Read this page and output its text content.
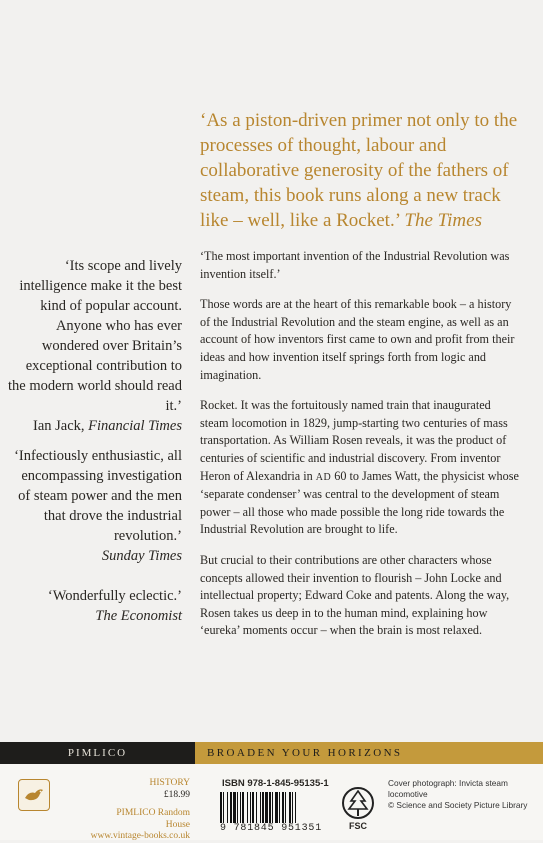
‘As a piston-driven primer not only to the processes of thought, labour and collaborative generosity of the fathers of steam, this book runs along a new track like – well, like a Rocket.’ The Times

‘Its scope and lively intelligence make it the best kind of popular account. Anyone who has ever wondered over Britain’s exceptional contribution to the modern world should read it.’
Ian Jack, Financial Times
‘Infectiously enthusiastic, all encompassing investigation of steam power and the men that drove the industrial revolution.’
Sunday Times
‘Wonderfully eclectic.’
The Economist

‘The most important invention of the Industrial Revolution was invention itself.’

Those words are at the heart of this remarkable book – a history of the Industrial Revolution and the steam engine, as well as an account of how inventors first came to own and profit from their ideas and how invention itself springs forth from logic and imagination.

Rocket. It was the fortuitously named train that inaugurated steam locomotion in 1829, jump-starting two centuries of mass transportation. As William Rosen reveals, it was the product of centuries of scientific and industrial discovery. From inventor Heron of Alexandria in AD 60 to James Watt, the physicist whose ‘separate condenser’ was central to the development of steam power – all those who made possible the long ride towards the Industrial Revolution are brought to life.

But crucial to their contributions are other characters whose concepts allowed their invention to flourish – John Locke and intellectual property; Edward Coke and patents. Along the way, Rosen takes us deep in to the human mind, explaining how ‘eureka’ moments occur – when the brain is most relaxed.

PIMLICO	BROADEN YOUR HORIZONS
HISTORY
£18.99
PIMLICO Random House
www.vintage-books.co.uk
ISBN 978-1-845-95135-1
9 781845 951351	FSC
Cover photograph: Invicta steam locomotive
© Science and Society Picture Library
